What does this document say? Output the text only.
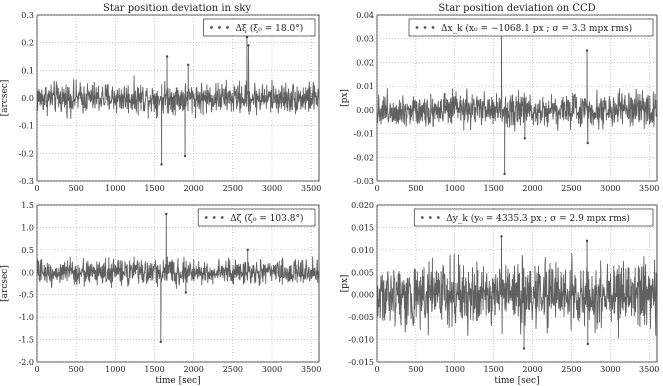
Star position deviation in sky	Star position deviation on CCD
0	500	1000 1500 2000 2500 3000 3500
0.3
0.2
0.1
0.0
-0.1
-0.2
-0.3
[arcsec]
Δξ (ξ₀ = 18.0°)
0	500	1000 1500 2000 2500 3000 3500
0.04
0.03
0.02
0.01
0.00
-0.01
-0.02
-0.03
[px]
Δx_k (x₀ = −1068.1 px ; σ = 3.3 mpx rms)
0	500	1000 1500 2000 2500 3000 3500
1.5
1.0
0.5
0.0
-0.5
-1.0
-1.5
-2.0
[arcsec]
time [sec]
Δζ (ζ₀ = 103.8°)
0	500	1000 1500 2000 2500 3000 3500
0.020
0.015
0.010
0.005
0.000
-0.005
-0.010
-0.015
[px]
time [sec]
Δy_k (y₀ = 4335.3 px ; σ = 2.9 mpx rms)
